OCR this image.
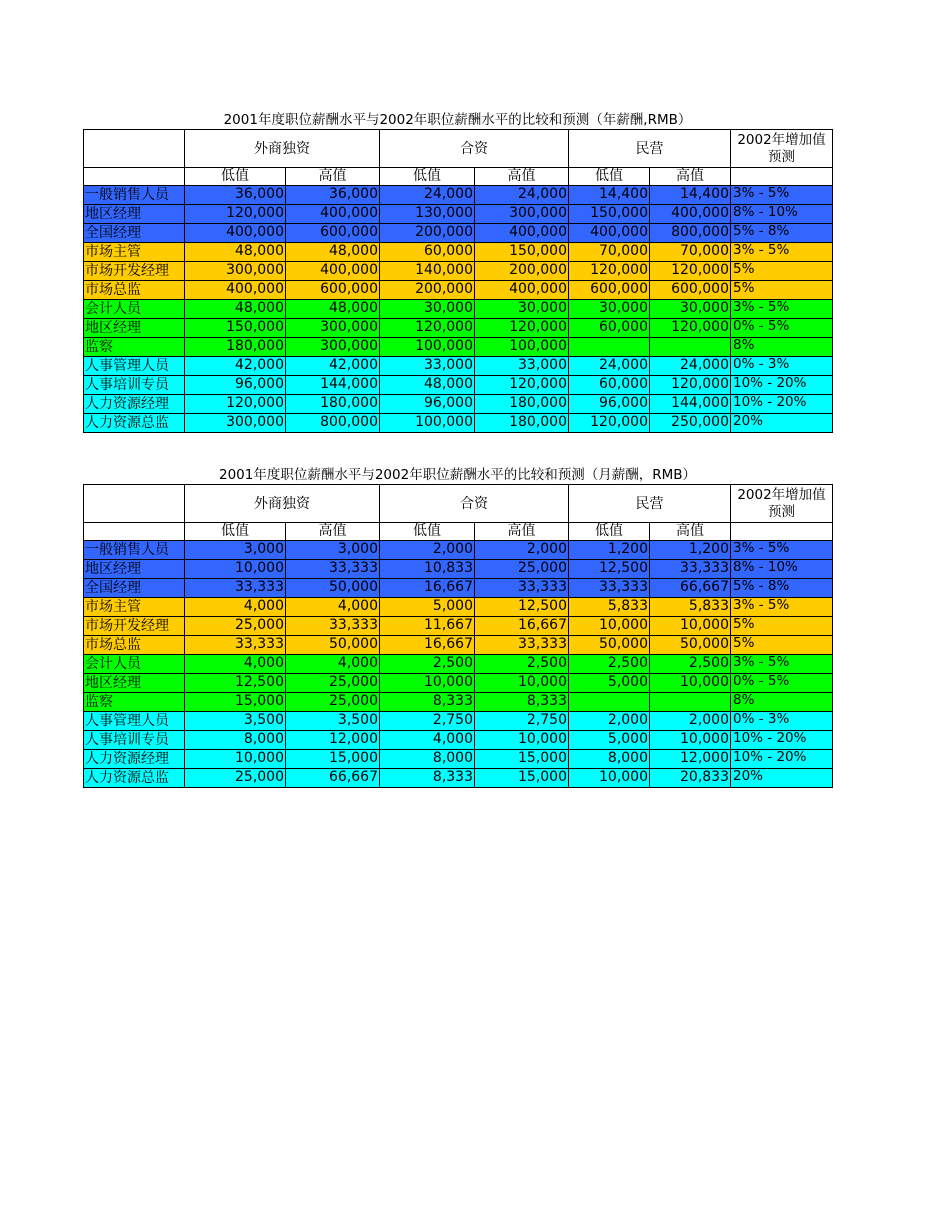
2001年度职位薪酬水平与2002年职位薪酬水平的比较和预测（年薪酬,RMB）
	外商独资		合资		民营		2002年增加值预测
	低值	高值	低值	高值	低值	高值	
一般销售人员	36,000	36,000	24,000	24,000	14,400	14,400	3% - 5%
地区经理	120,000	400,000	130,000	300,000	150,000	400,000	8% - 10%
全国经理	400,000	600,000	200,000	400,000	400,000	800,000	5% - 8%
市场主管	48,000	48,000	60,000	150,000	70,000	70,000	3% - 5%
市场开发经理	300,000	400,000	140,000	200,000	120,000	120,000	5%
市场总监	400,000	600,000	200,000	400,000	600,000	600,000	5%
会计人员	48,000	48,000	30,000	30,000	30,000	30,000	3% - 5%
地区经理	150,000	300,000	120,000	120,000	60,000	120,000	0% - 5%
监察	180,000	300,000	100,000	100,000			8%
人事管理人员	42,000	42,000	33,000	33,000	24,000	24,000	0% - 3%
人事培训专员	96,000	144,000	48,000	120,000	60,000	120,000	10% - 20%
人力资源经理	120,000	180,000	96,000	180,000	96,000	144,000	10% - 20%
人力资源总监	300,000	800,000	100,000	180,000	120,000	250,000	20%
2001年度职位薪酬水平与2002年职位薪酬水平的比较和预测（月薪酬，RMB）
	外商独资		合资		民营		2002年增加值预测
	低值	高值	低值	高值	低值	高值	
一般销售人员	3,000	3,000	2,000	2,000	1,200	1,200	3% - 5%
地区经理	10,000	33,333	10,833	25,000	12,500	33,333	8% - 10%
全国经理	33,333	50,000	16,667	33,333	33,333	66,667	5% - 8%
市场主管	4,000	4,000	5,000	12,500	5,833	5,833	3% - 5%
市场开发经理	25,000	33,333	11,667	16,667	10,000	10,000	5%
市场总监	33,333	50,000	16,667	33,333	50,000	50,000	5%
会计人员	4,000	4,000	2,500	2,500	2,500	2,500	3% - 5%
地区经理	12,500	25,000	10,000	10,000	5,000	10,000	0% - 5%
监察	15,000	25,000	8,333	8,333			8%
人事管理人员	3,500	3,500	2,750	2,750	2,000	2,000	0% - 3%
人事培训专员	8,000	12,000	4,000	10,000	5,000	10,000	10% - 20%
人力资源经理	10,000	15,000	8,000	15,000	8,000	12,000	10% - 20%
人力资源总监	25,000	66,667	8,333	15,000	10,000	20,833	20%
